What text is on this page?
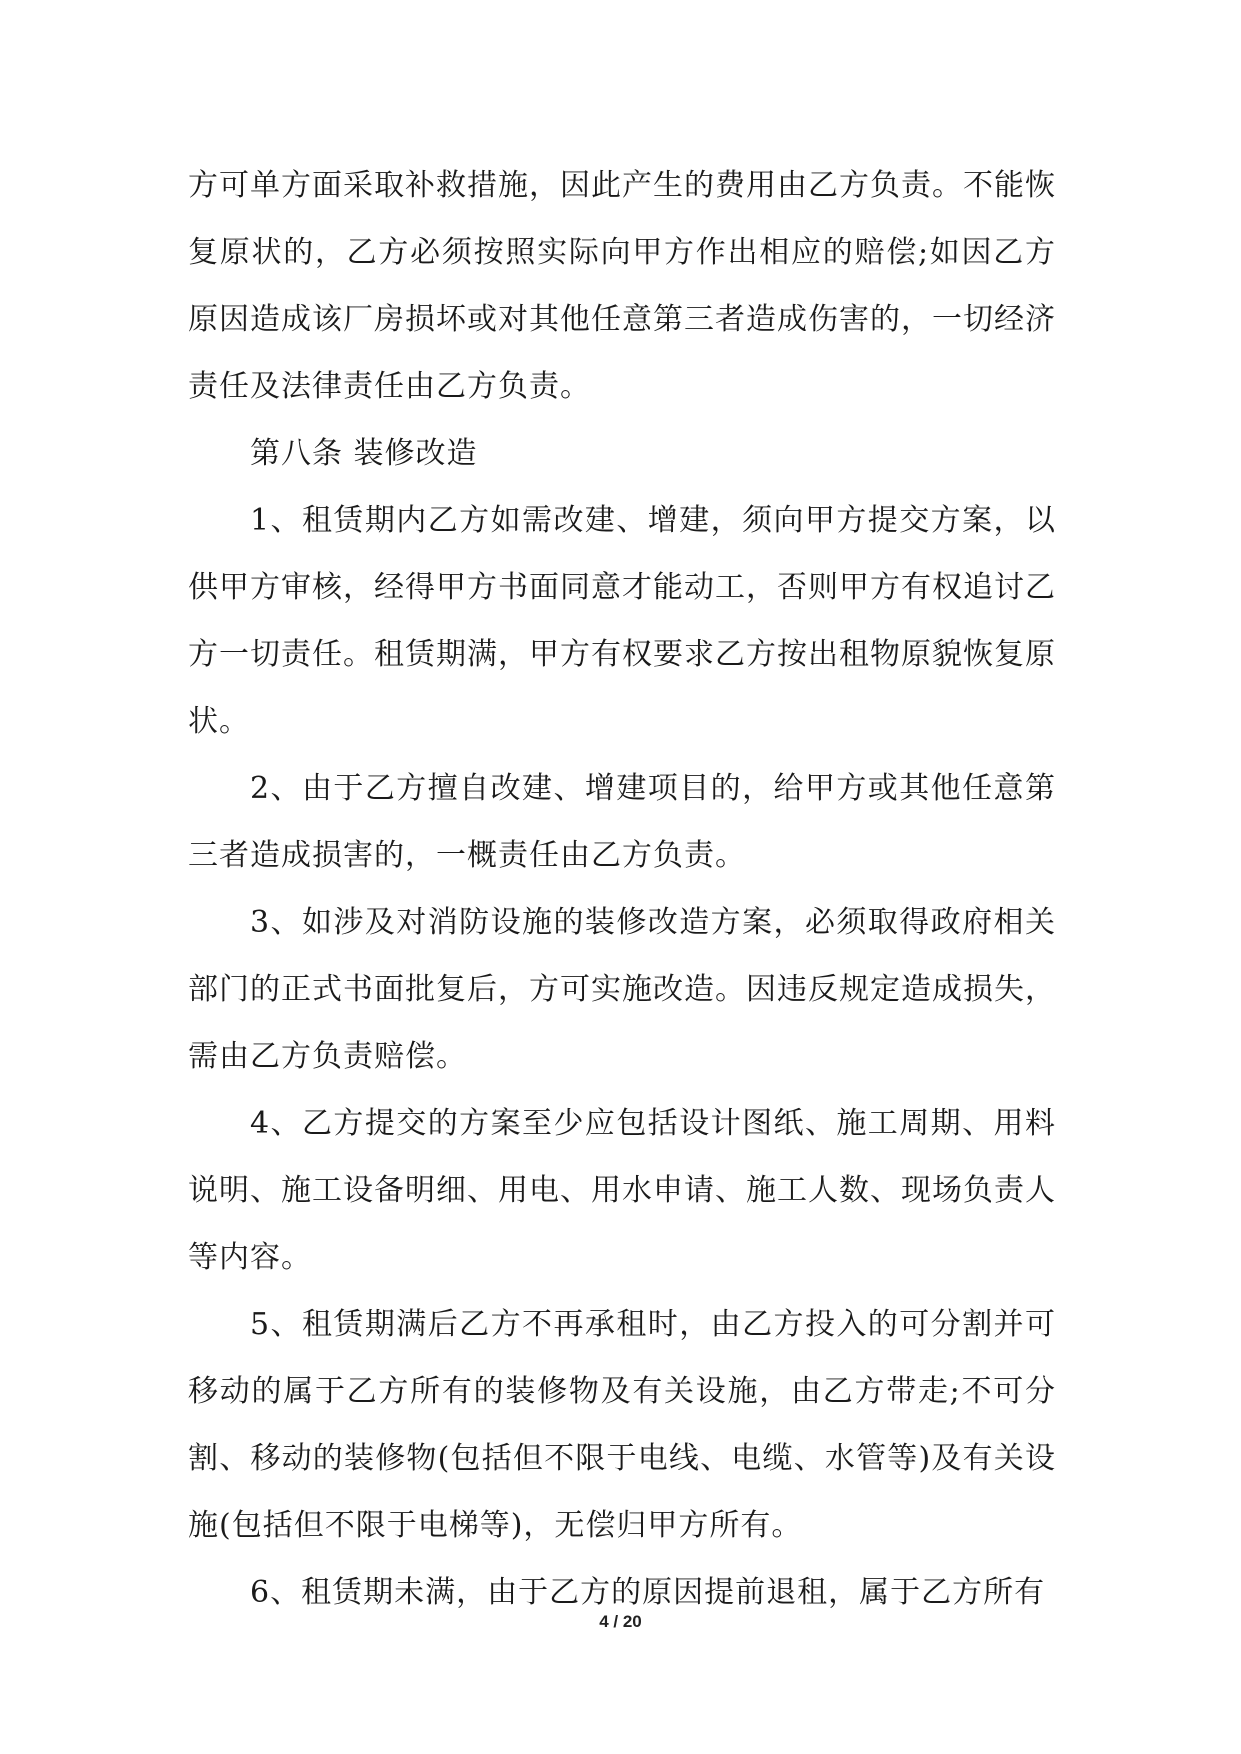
方可单方面采取补救措施，因此产生的费用由乙方负责。不能恢复原状的，乙方必须按照实际向甲方作出相应的赔偿;如因乙方原因造成该厂房损坏或对其他任意第三者造成伤害的，一切经济责任及法律责任由乙方负责。

第八条 装修改造

1、租赁期内乙方如需改建、增建，须向甲方提交方案，以供甲方审核，经得甲方书面同意才能动工，否则甲方有权追讨乙方一切责任。租赁期满，甲方有权要求乙方按出租物原貌恢复原状。

2、由于乙方擅自改建、增建项目的，给甲方或其他任意第三者造成损害的，一概责任由乙方负责。

3、如涉及对消防设施的装修改造方案，必须取得政府相关部门的正式书面批复后，方可实施改造。因违反规定造成损失，需由乙方负责赔偿。

4、乙方提交的方案至少应包括设计图纸、施工周期、用料说明、施工设备明细、用电、用水申请、施工人数、现场负责人等内容。

5、租赁期满后乙方不再承租时，由乙方投入的可分割并可移动的属于乙方所有的装修物及有关设施，由乙方带走;不可分割、移动的装修物(包括但不限于电线、电缆、水管等)及有关设施(包括但不限于电梯等)，无偿归甲方所有。

6、租赁期未满，由于乙方的原因提前退租，属于乙方所有

4 / 20
